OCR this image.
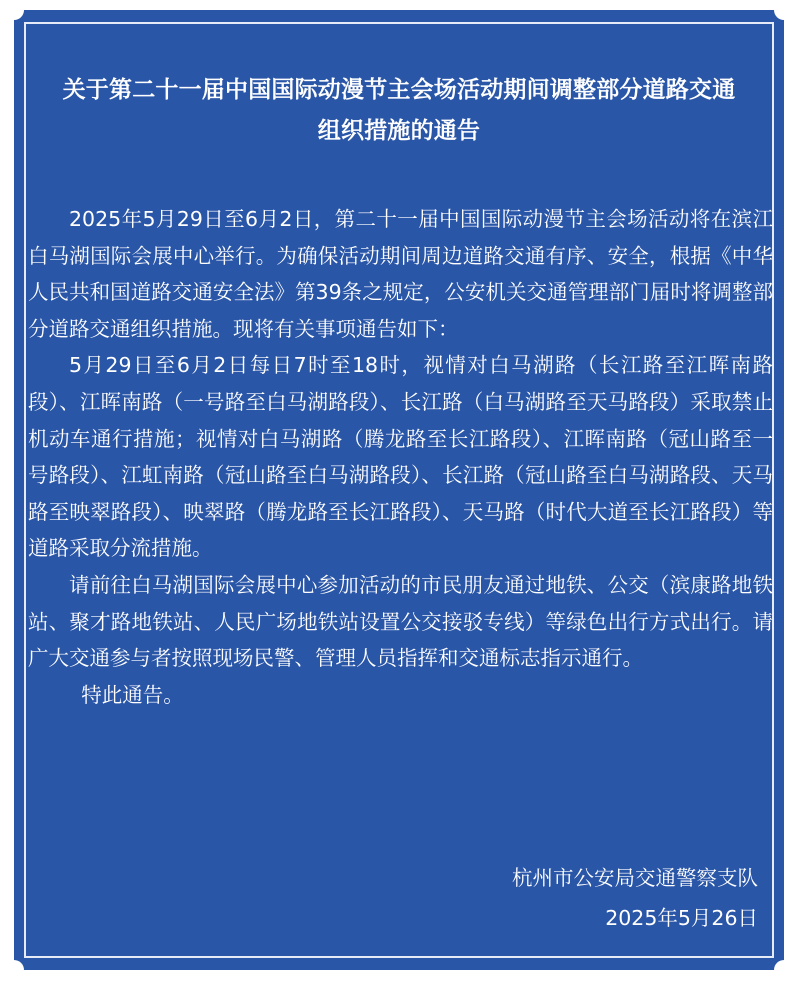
关于第二十一届中国国际动漫节主会场活动期间调整部分道路交通
组织措施的通告

2025年5月29日至6月2日，第二十一届中国国际动漫节主会场活动将在滨江白马湖国际会展中心举行。为确保活动期间周边道路交通有序、安全，根据《中华人民共和国道路交通安全法》第39条之规定，公安机关交通管理部门届时将调整部分道路交通组织措施。现将有关事项通告如下：

5月29日至6月2日每日7时至18时，视情对白马湖路（长江路至江晖南路段）、江晖南路（一号路至白马湖路段）、长江路（白马湖路至天马路段）采取禁止机动车通行措施；视情对白马湖路（腾龙路至长江路段）、江晖南路（冠山路至一号路段）、江虹南路（冠山路至白马湖路段）、长江路（冠山路至白马湖路段、天马路至映翠路段）、映翠路（腾龙路至长江路段）、天马路（时代大道至长江路段）等道路采取分流措施。

请前往白马湖国际会展中心参加活动的市民朋友通过地铁、公交（滨康路地铁站、聚才路地铁站、人民广场地铁站设置公交接驳专线）等绿色出行方式出行。请广大交通参与者按照现场民警、管理人员指挥和交通标志指示通行。

特此通告。

杭州市公安局交通警察支队
2025年5月26日
